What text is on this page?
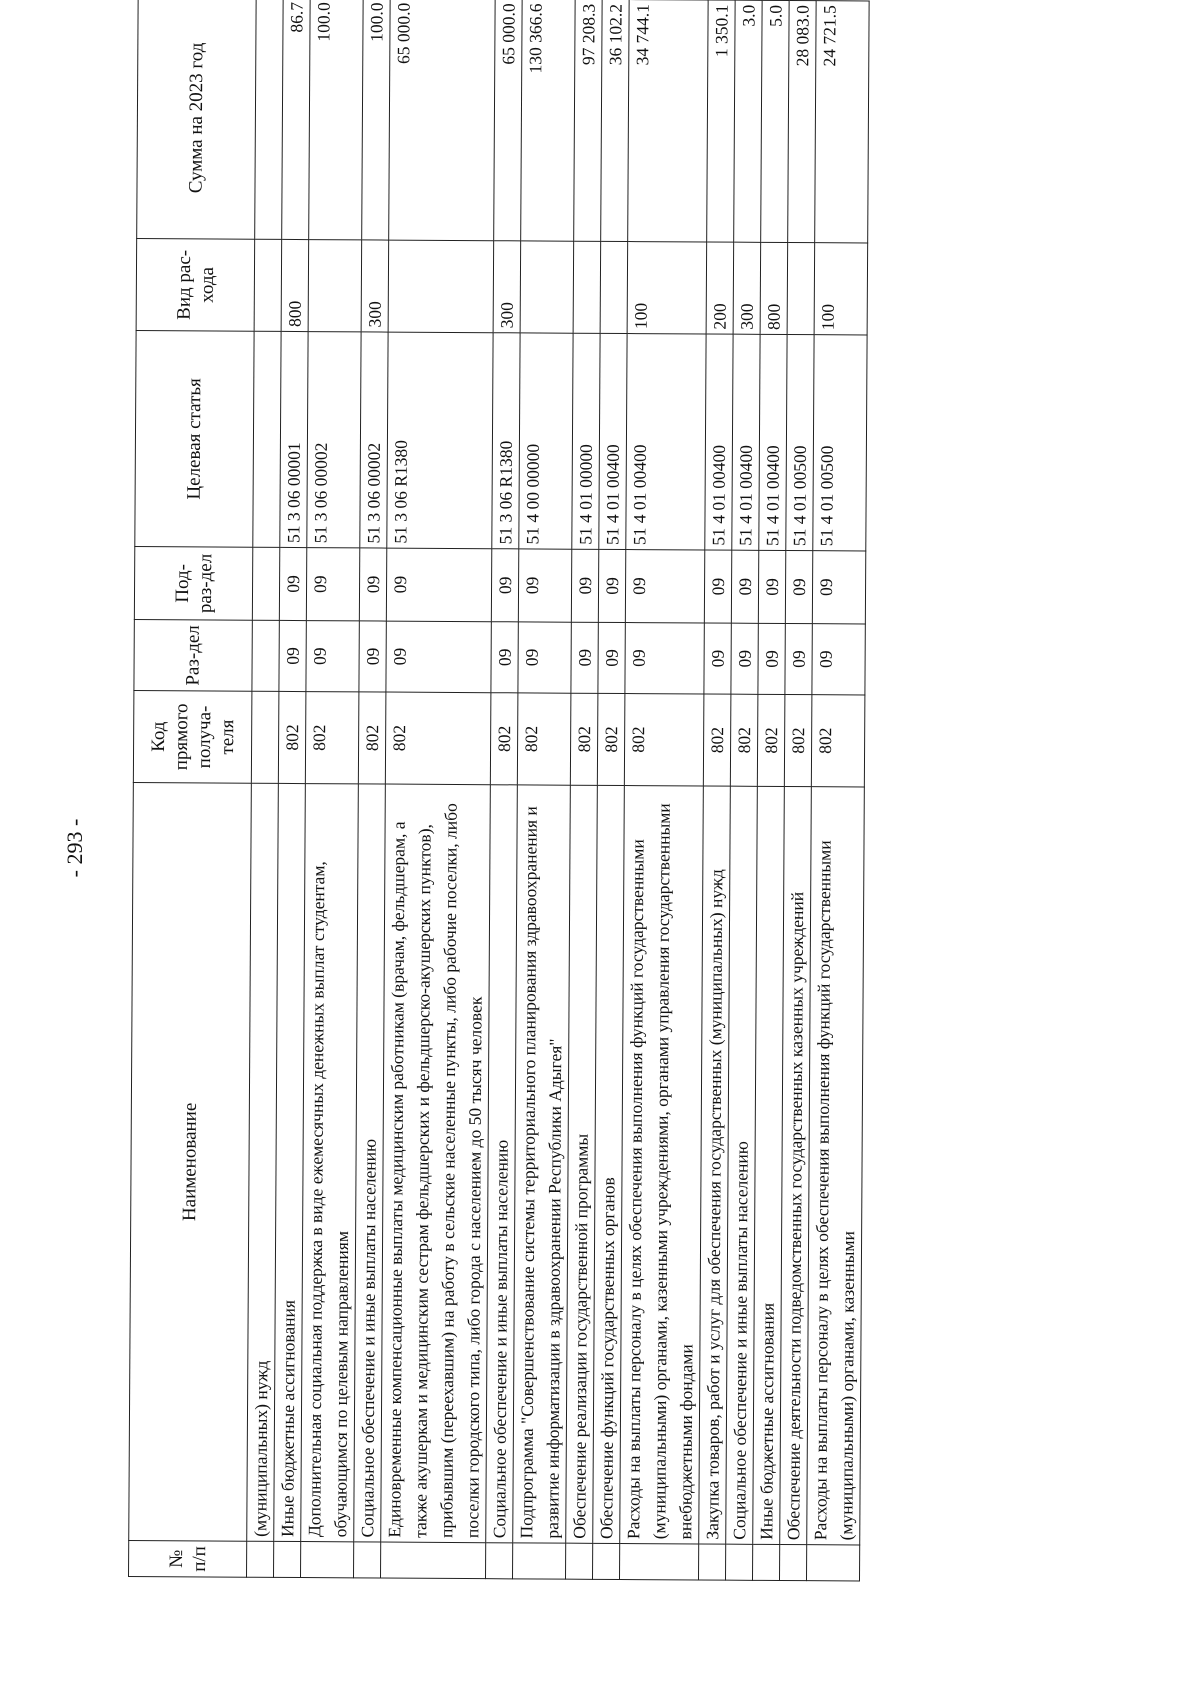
- 293 -
№ п/п	Наименование	Код прямого получа-теля	Раз-дел	Под-раз-дел	Целевая статья	Вид рас-хода	Сумма на 2023 год
	(муниципальных) нужд						
	Иные бюджетные ассигнования	802	09	09	51 3 06 00001	800	86.7
	Дополнительная социальная поддержка в виде ежемесячных денежных выплат студентам, обучающимся по целевым направлениям	802	09	09	51 3 06 00002		100.0
	Социальное обеспечение и иные выплаты населению	802	09	09	51 3 06 00002	300	100.0
	Единовременные компенсационные выплаты медицинским работникам (врачам, фельдшерам, а также акушеркам и медицинским сестрам фельдшерских и фельдшерско-акушерских пунктов), прибывшим (переехавшим) на работу в сельские населенные пункты, либо рабочие поселки, либо поселки городского типа, либо города с населением до 50 тысяч человек	802	09	09	51 3 06 R1380		65 000.0
	Социальное обеспечение и иные выплаты населению	802	09	09	51 3 06 R1380	300	65 000.0
	Подпрограмма "Совершенствование системы территориального планирования здравоохранения и развитие информатизации в здравоохранении Республики Адыгея"	802	09	09	51 4 00 00000		130 366.6
	Обеспечение реализации государственной программы	802	09	09	51 4 01 00000		97 208.3
	Обеспечение функций государственных органов	802	09	09	51 4 01 00400		36 102.2
	Расходы на выплаты персоналу в целях обеспечения выполнения функций государственными (муниципальными) органами, казенными учреждениями, органами управления государственными внебюджетными фондами	802	09	09	51 4 01 00400	100	34 744.1
	Закупка товаров, работ и услуг для обеспечения государственных (муниципальных) нужд	802	09	09	51 4 01 00400	200	1 350.1
	Социальное обеспечение и иные выплаты населению	802	09	09	51 4 01 00400	300	3.0
	Иные бюджетные ассигнования	802	09	09	51 4 01 00400	800	5.0
	Обеспечение деятельности подведомственных государственных казенных учреждений	802	09	09	51 4 01 00500		28 083.0
	Расходы на выплаты персоналу в целях обеспечения выполнения функций государственными (муниципальными) органами, казенными	802	09	09	51 4 01 00500	100	24 721.5
